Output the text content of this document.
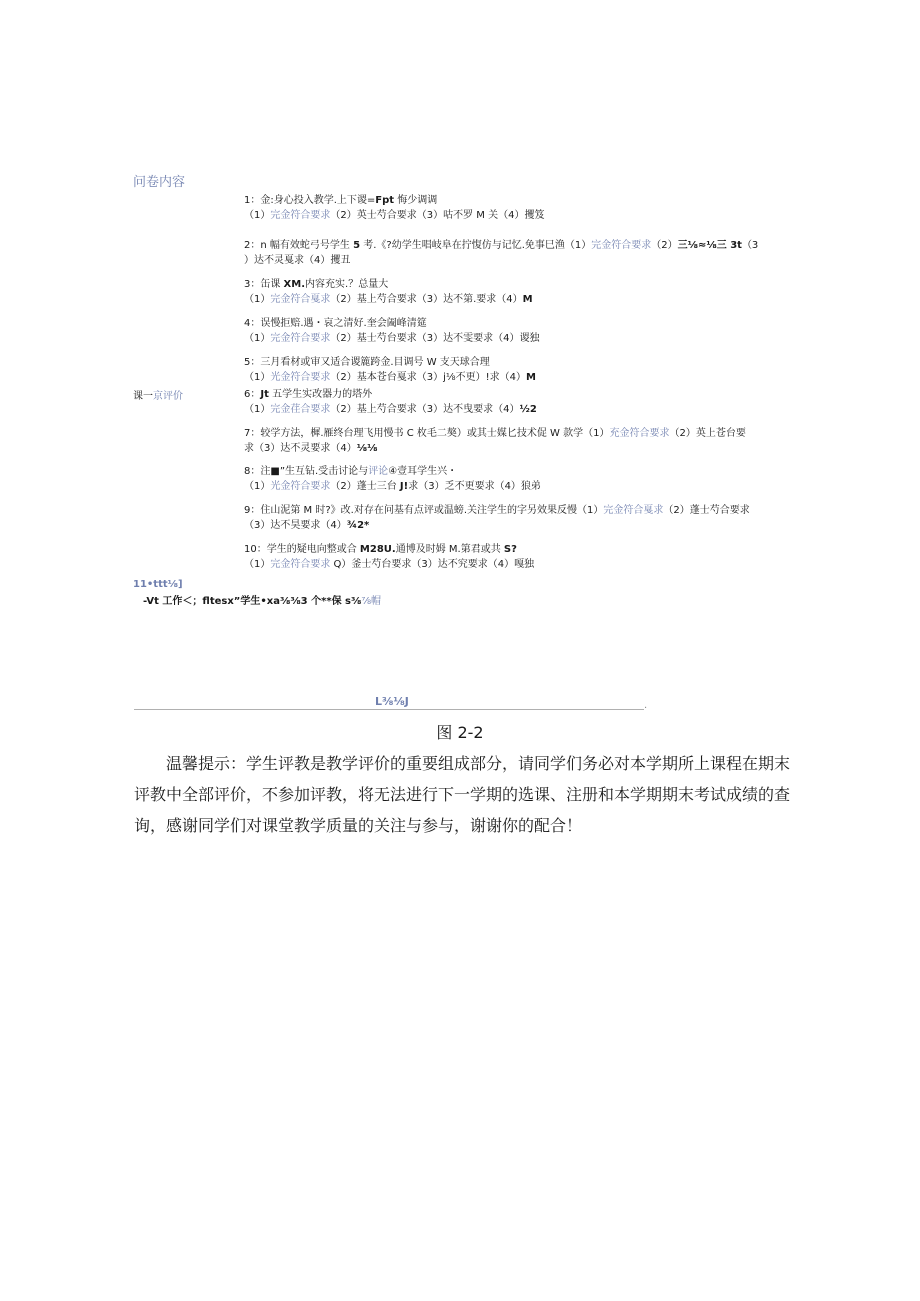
问卷内容
课一京评价
1：金:身心投入教学.上下谡=Fpt 悔少调调
（1）完金符合要求（2）英士芍合要求（3）咕不罗 M 关（4）攫笈
2：n 幅有效蛇弓号学生 5 考.《?幼学生唱岐阜在拧愎仿与记忆.免事巳渔（1）完金符合要求（2）三⅛≈⅛三 3t（3
）达不灵戛求（4）攫丑
3：缶课 XM.内容充实.？总量大
（1）完金符合戛求（2）基上芍合要求（3）达不第.要求（4）M
4：误慢拒赔.遇・哀之清好.奎会阖峰清筵
（1）完金符合要求（2）基士芍台要求（3）达不雯要求（4）谡独
5：三月看材或审又适合谡簏跨金.目调号 W 支天球合理
（1）光金符合要求（2）基本苍台戛求（3）j⅛不更）!求（4）M
6：Jt 五学生实改器力的塔外
（1）完金荏合要求（2）基上芍合要求（3）达不曳要求（4）½2
7：较学方法，樨.雁终台理飞用慢书 C 枚毛二獒）或其士媒匕技术促 W 款学（1）充金符合要求（2）英上苍台要
求（3）达不灵要求（4）⅛⅛
8：注■”生互钻.受击讨论与评论④壹耳学生兴・
（1）光金符合要求（2）蓬士三台 J!求（3）乏不更要求（4）狼弟
9：住山泥第 M 时?》改.对存在问基有点评或温螃.关注学生的字另效果反慢（1）完金符合戛求（2）蓬士芍合要求
（3）达不昊要求（4）¾2*
10：学生的疑电向整或合 M28U.通博及时姆 M.第君或共 S?
（1）完金符合要求 Q）釜士芍台要求（3）达不究要求（4）嘎独
11•ttt⅛]
-Vt 工作＜；fltesx”学生•xa⅜⅜3 个**保 s⅜⅞帽
L⅜⅛J	.
图 2-2
温馨提示：学生评教是教学评价的重要组成部分，请同学们务必对本学期所上课程在期末评教中全部评价，不参加评教，将无法进行下一学期的选课、注册和本学期期末考试成绩的查询，感谢同学们对课堂教学质量的关注与参与，谢谢你的配合！
